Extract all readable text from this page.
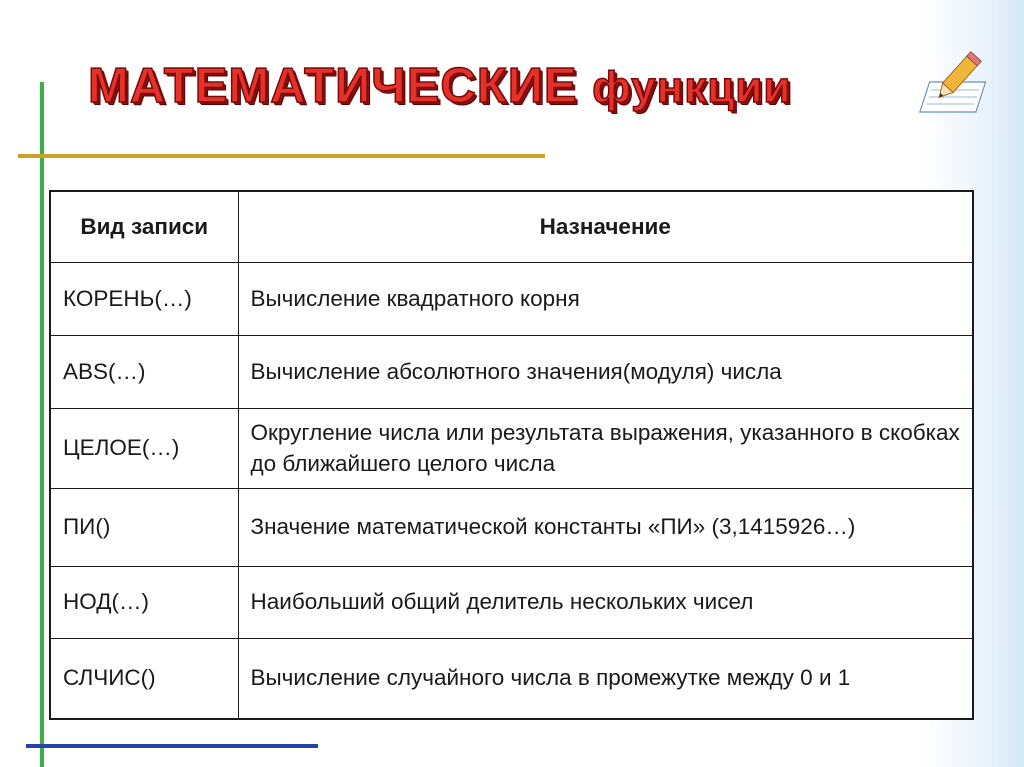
МАТЕМАТИЧЕСКИЕ функции
Вид записи	Назначение
КОРЕНЬ(…)	Вычисление квадратного корня
ABS(…)	Вычисление абсолютного значения(модуля) числа
ЦЕЛОЕ(…)	Округление числа или результата выражения, указанного в скобках до ближайшего целого числа
ПИ()	Значение математической константы «ПИ» (3,1415926…)
НОД(…)	Наибольший общий делитель нескольких чисел
СЛЧИС()	Вычисление случайного числа в промежутке между 0 и 1
